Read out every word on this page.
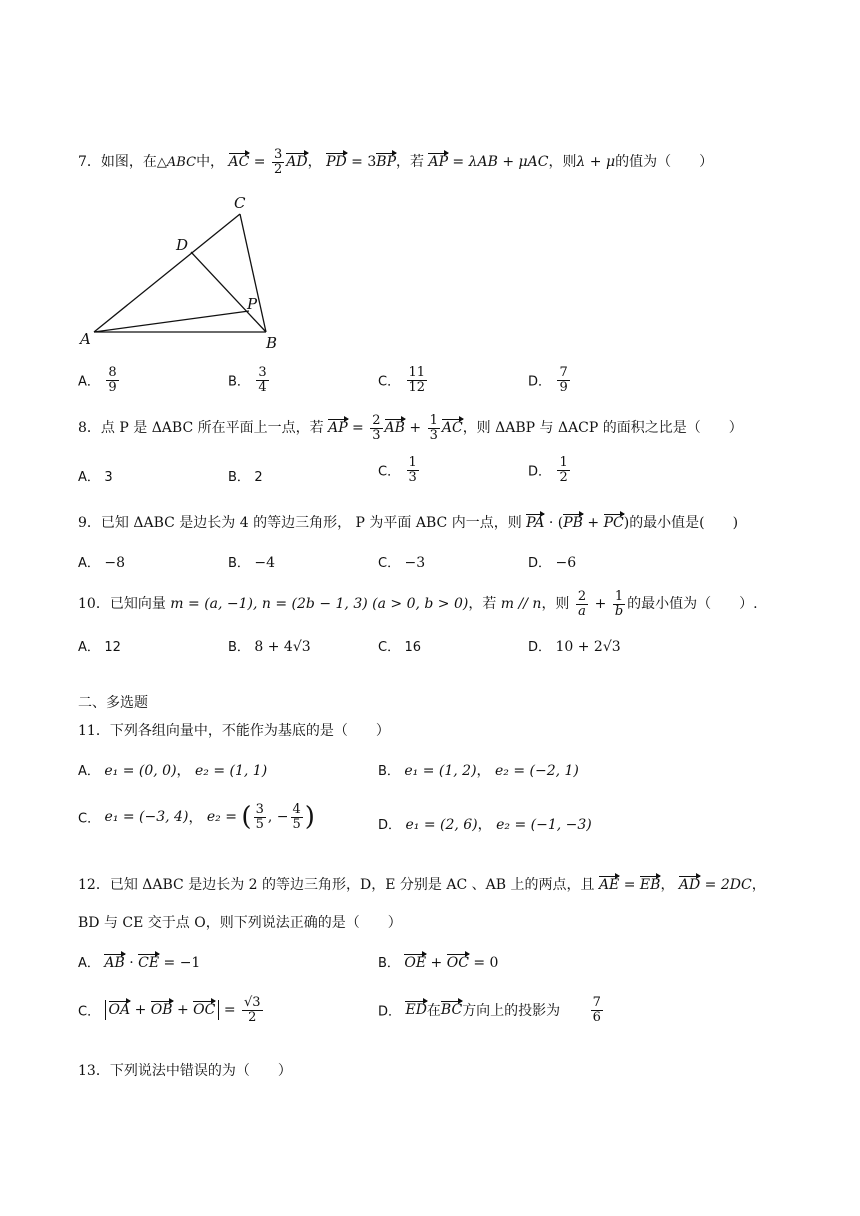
7．如图，在△ABC中， AC = $\frac{3}{2}$ AD， PD = 3BP，若 AP = λAB + μAC，则λ + μ的值为（　　）
C
D
P
A	B
A． $\frac{8}{9}$	B． $\frac{3}{4}$	C． $\frac{11}{12}$	D． $\frac{7}{9}$
8．点 P 是 ΔABC 所在平面上一点，若 AP = $\frac{2}{3}$ AB + $\frac{1}{3}$ AC，则 ΔABP 与 ΔACP 的面积之比是（　　）
A． 3	B． 2	C． $\frac{1}{3}$	D． $\frac{1}{2}$
9．已知 ΔABC 是边长为 4 的等边三角形， P 为平面 ABC 内一点，则 PA · (PB + PC)的最小值是(　　)
A． −8	B． −4	C． −3	D． −6
10．已知向量 m = (a, −1), n = (2b − 1, 3) (a > 0, b > 0)，若 m // n，则 $\frac{2}{a} + \frac{1}{b}$ 的最小值为（　　）.
A． 12	B． 8 + 4√3	C． 16	D． 10 + 2√3
二、多选题
11．下列各组向量中，不能作为基底的是（　　）
A． e₁ = (0, 0)， e₂ = (1, 1)	B． e₁ = (1, 2)， e₂ = (−2, 1)
C． e₁ = (−3, 4)， e₂ = ( $\frac{3}{5}$ , − $\frac{4}{5}$ )	D． e₁ = (2, 6)， e₂ = (−1, −3)
12．已知 ΔABC 是边长为 2 的等边三角形，D，E 分别是 AC 、AB 上的两点，且 AE = EB， AD = 2DC，
BD 与 CE 交于点 O，则下列说法正确的是（　　）
A． AB · CE = −1	B． OE + OC = 0
C． OA + OB + OC = $\frac{√3}{2}$	D． ED在BC方向上的投影为 $\frac{7}{6}$
13．下列说法中错误的为（　　）
